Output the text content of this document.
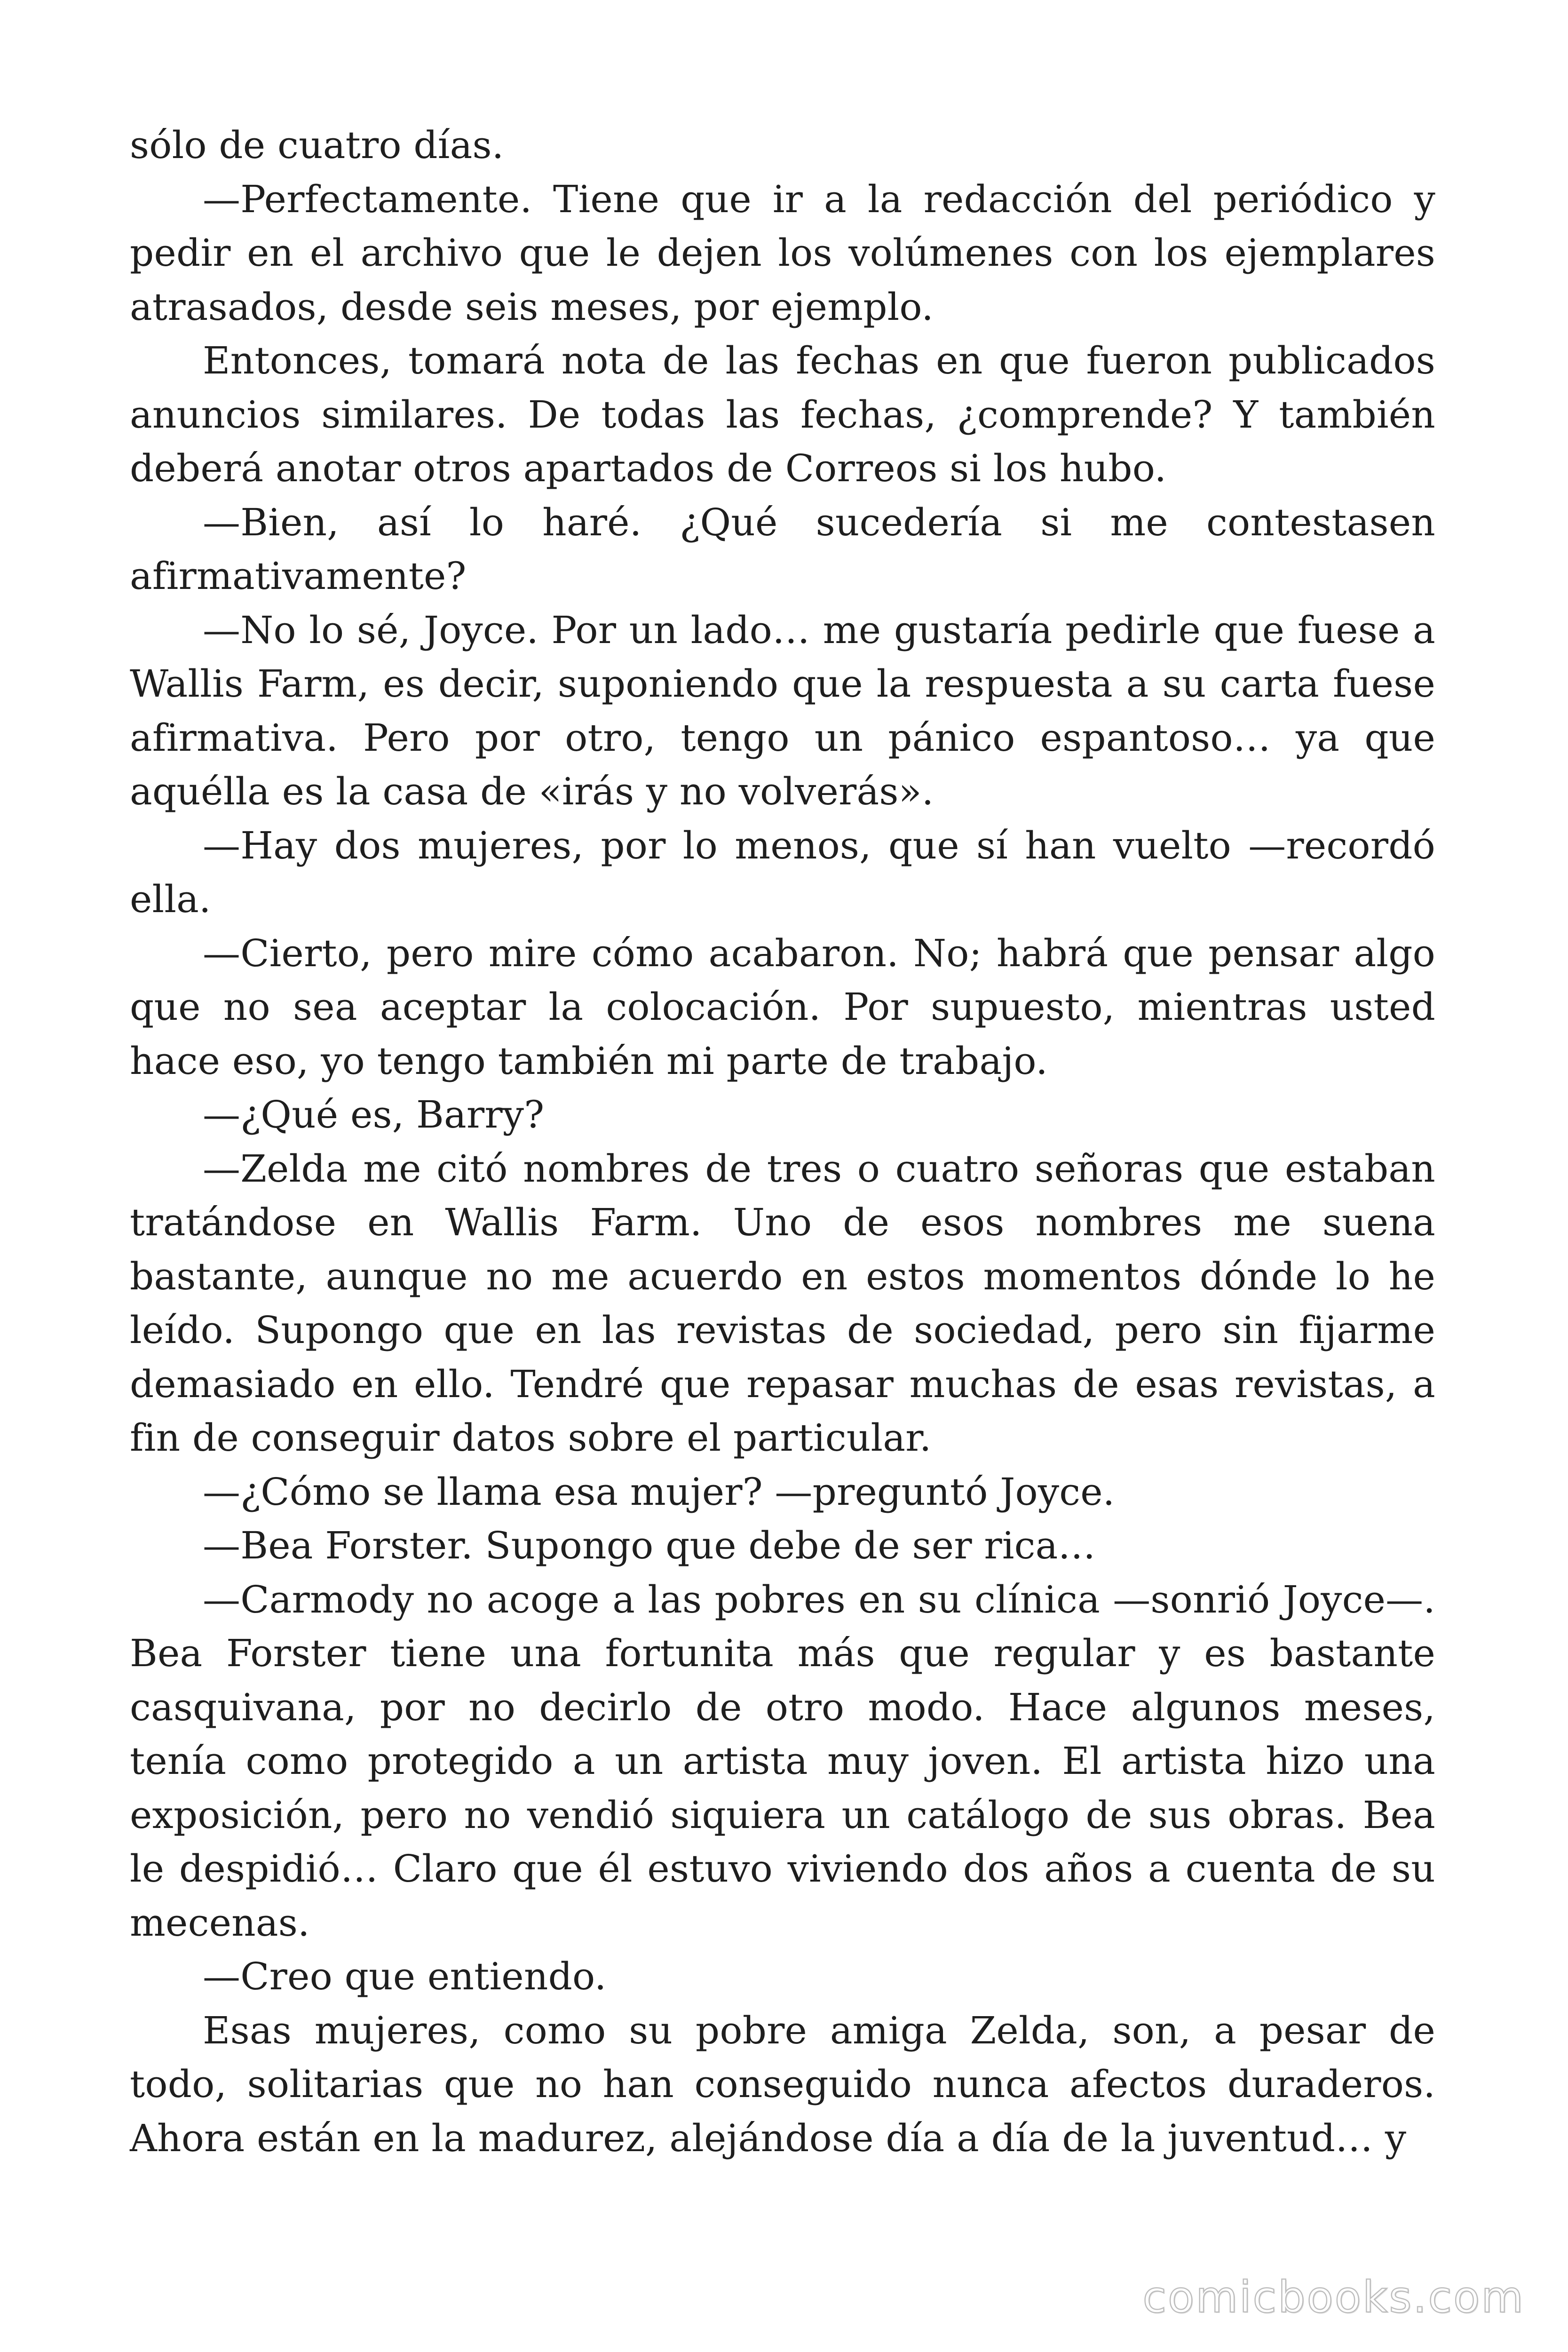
sólo de cuatro días.

—Perfectamente. Tiene que ir a la redacción del periódico y pedir en el archivo que le dejen los volúmenes con los ejemplares atrasados, desde seis meses, por ejemplo.

Entonces, tomará nota de las fechas en que fueron publicados anuncios similares. De todas las fechas, ¿comprende? Y también deberá anotar otros apartados de Correos si los hubo.

—Bien, así lo haré. ¿Qué sucedería si me contestasen afirmativamente?

—No lo sé, Joyce. Por un lado… me gustaría pedirle que fuese a Wallis Farm, es decir, suponiendo que la respuesta a su carta fuese afirmativa. Pero por otro, tengo un pánico espantoso… ya que aquélla es la casa de «irás y no volverás».

—Hay dos mujeres, por lo menos, que sí han vuelto —recordó ella.

—Cierto, pero mire cómo acabaron. No; habrá que pensar algo que no sea aceptar la colocación. Por supuesto, mientras usted hace eso, yo tengo también mi parte de trabajo.

—¿Qué es, Barry?

—Zelda me citó nombres de tres o cuatro señoras que estaban tratándose en Wallis Farm. Uno de esos nombres me suena bastante, aunque no me acuerdo en estos momentos dónde lo he leído. Supongo que en las revistas de sociedad, pero sin fijarme demasiado en ello. Tendré que repasar muchas de esas revistas, a fin de conseguir datos sobre el particular.

—¿Cómo se llama esa mujer? —preguntó Joyce.

—Bea Forster. Supongo que debe de ser rica…

—Carmody no acoge a las pobres en su clínica —sonrió Joyce—. Bea Forster tiene una fortunita más que regular y es bastante casquivana, por no decirlo de otro modo. Hace algunos meses, tenía como protegido a un artista muy joven. El artista hizo una exposición, pero no vendió siquiera un catálogo de sus obras. Bea le despidió… Claro que él estuvo viviendo dos años a cuenta de su mecenas.

—Creo que entiendo.

Esas mujeres, como su pobre amiga Zelda, son, a pesar de todo, solitarias que no han conseguido nunca afectos duraderos. Ahora están en la madurez, alejándose día a día de la juventud… y

comicbooks.com
